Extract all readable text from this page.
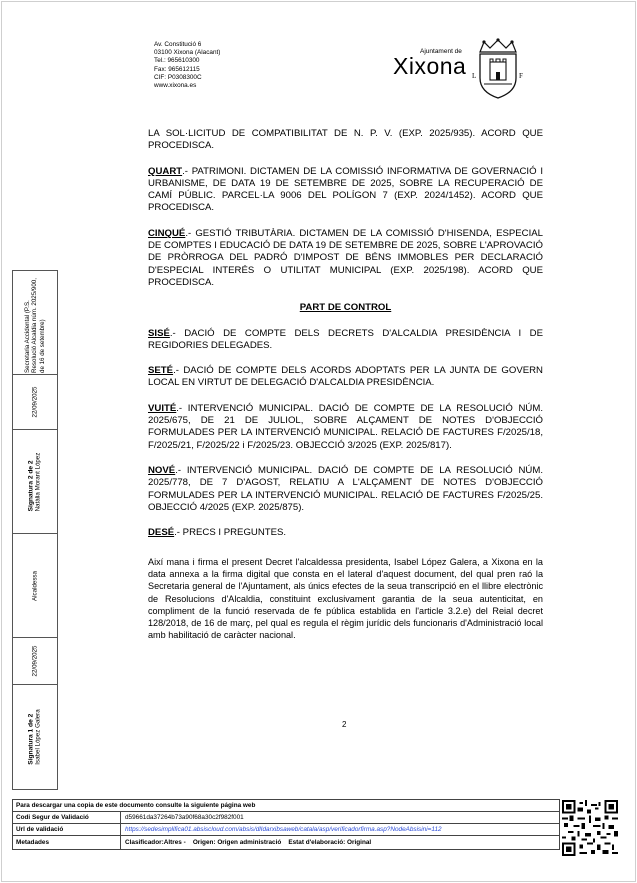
Av. Constitució 6
03100 Xixona (Alacant)
Tel.: 965610300
Fax: 965612115
CIF: P0308300C
www.xixona.es
Ajuntament de
Xixona L	F

LA SOL·LICITUD DE COMPATIBILITAT DE N. P. V. (EXP. 2025/935). ACORD QUE PROCEDISCA.

QUART.- PATRIMONI. DICTAMEN DE LA COMISSIÓ INFORMATIVA DE GOVERNACIÓ I URBANISME, DE DATA 19 DE SETEMBRE DE 2025, SOBRE LA RECUPERACIÓ DE CAMÍ PÚBLIC. PARCEL·LA 9006 DEL POLÍGON 7 (EXP. 2024/1452). ACORD QUE PROCEDISCA.

CINQUÉ.- GESTIÓ TRIBUTÀRIA. DICTAMEN DE LA COMISSIÓ D'HISENDA, ESPECIAL DE COMPTES I EDUCACIÓ DE DATA 19 DE SETEMBRE DE 2025, SOBRE L'APROVACIÓ DE PRÒRROGA DEL PADRÓ D'IMPOST DE BÉNS IMMOBLES PER DECLARACIÓ D'ESPECIAL INTERÉS O UTILITAT MUNICIPAL (EXP. 2025/198). ACORD QUE PROCEDISCA.

PART DE CONTROL

SISÉ.- DACIÓ DE COMPTE DELS DECRETS D'ALCALDIA PRESIDÈNCIA I DE REGIDORIES DELEGADES.

SETÉ.- DACIÓ DE COMPTE DELS ACORDS ADOPTATS PER LA JUNTA DE GOVERN LOCAL EN VIRTUT DE DELEGACIÓ D'ALCALDIA PRESIDÈNCIA.

VUITÉ.- INTERVENCIÓ MUNICIPAL. DACIÓ DE COMPTE DE LA RESOLUCIÓ NÚM. 2025/675, DE 21 DE JULIOL, SOBRE ALÇAMENT DE NOTES D'OBJECCIÓ FORMULADES PER LA INTERVENCIÓ MUNICIPAL. RELACIÓ DE FACTURES F/2025/18, F/2025/21, F/2025/22 i F/2025/23. OBJECCIÓ 3/2025 (EXP. 2025/817).

NOVÉ.- INTERVENCIÓ MUNICIPAL. DACIÓ DE COMPTE DE LA RESOLUCIÓ NÚM. 2025/778, DE 7 D'AGOST, RELATIU A L'ALÇAMENT DE NOTES D'OBJECCIÓ FORMULADES PER LA INTERVENCIÓ MUNICIPAL. RELACIÓ DE FACTURES F/2025/25. OBJECCIÓ 4/2025 (EXP. 2025/875).

DESÉ.- PRECS I PREGUNTES.

Així mana i firma el present Decret l'alcaldessa presidenta, Isabel López Galera, a Xixona en la data annexa a la firma digital que consta en el lateral d'aquest document, del qual pren raó la Secretaria general de l'Ajuntament, als únics efectes de la seua transcripció en el llibre electrònic de Resolucions d'Alcaldia, constituint exclusivament garantia de la seua autenticitat, en compliment de la funció reservada de fe pública establida en l'article 3.2.e) del Reial decret 128/2018, de 16 de març, pel qual es regula el règim jurídic dels funcionaris d'Administració local amb habilitació de caràcter nacional.
2
Secretaria Accidental (P.S. Resolució Alcaldia núm. 2025/900, de 16 de setembre)
22/09/2025
Signatura 2 de 2
Natàlia Morant López
Alcaldessa
22/09/2025
Signatura 1 de 2
Isabel López Galera
Para descargar una copia de este documento consulte la siguiente página web
Codi Segur de Validació	d59661da37264b73a90f68a30c2f982f001
Url de validació	https://sedesimplifica01.absiscloud.com/absis/dlIdarxibsaweb/catala/asp/verificadorfirma.asp?NodeAbsisini=112
Metadades	Clasificador:Altres -    Origen: Origen administració    Estat d'elaboració: Original
